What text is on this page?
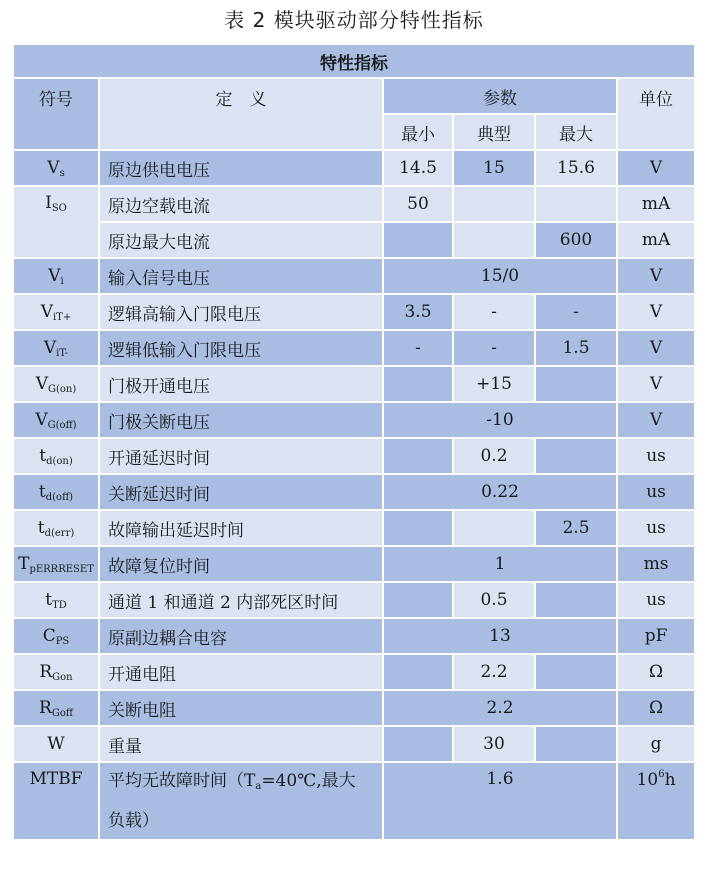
表 2 模块驱动部分特性指标
特性指标					
符号	定　义	参数			单位
		最小	典型	最大	
$V_s$	原边供电电压	14.5	15	15.6	V
$I_{SO}$	原边空载电流	50			mA
	原边最大电流			600	mA
$V_i$	输入信号电压	15/0			V
$V_{iT+}$	逻辑高输入门限电压	3.5	-	-	V
$V_{iT-}$	逻辑低输入门限电压	-	-	1.5	V
$V_{G(on)}$	门极开通电压		+15		V
$V_{G(off)}$	门极关断电压	-10			V
$t_{d(on)}$	开通延迟时间		0.2		us
$t_{d(off)}$	关断延迟时间	0.22			us
$t_{d(err)}$	故障输出延迟时间			2.5	us
$T_{pERRRESET}$	故障复位时间	1			ms
$t_{TD}$	通道 1 和通道 2 内部死区时间		0.5		us
$C_{PS}$	原副边耦合电容	13			pF
$R_{Gon}$	开通电阻		2.2		Ω
$R_{Goff}$	关断电阻	2.2			Ω
W	重量		30		g
MTBF	平均无故障时间（$T_a=40℃$,最大
负载）	1.6			$10^6h$
